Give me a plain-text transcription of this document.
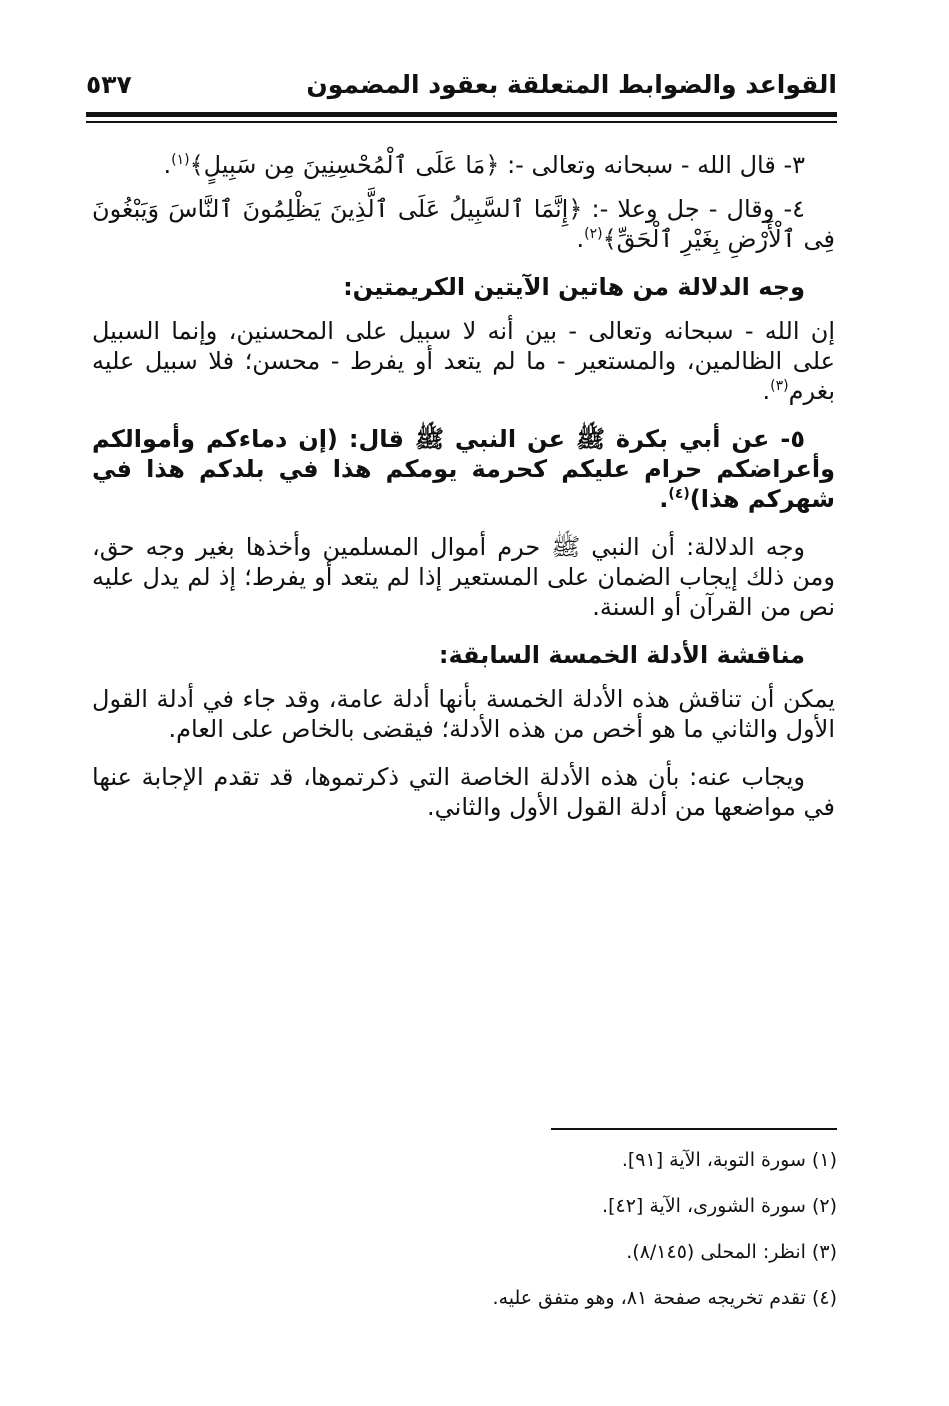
القواعد والضوابط المتعلقة بعقود المضمون
٥٣٧

٣- قال الله - سبحانه وتعالى -: ﴿مَا عَلَى ٱلْمُحْسِنِينَ مِن سَبِيلٍ﴾$^{(١)}$.

٤- وقال - جل وعلا -: ﴿إِنَّمَا ٱلسَّبِيلُ عَلَى ٱلَّذِينَ يَظْلِمُونَ ٱلنَّاسَ وَيَبْغُونَ فِى ٱلْأَرْضِ بِغَيْرِ ٱلْحَقِّ﴾$^{(٢)}$.

وجه الدلالة من هاتين الآيتين الكريمتين:

إن الله - سبحانه وتعالى - بين أنه لا سبيل على المحسنين، وإنما السبيل على الظالمين، والمستعير - ما لم يتعد أو يفرط - محسن؛ فلا سبيل عليه بغرم$^{(٣)}$.

٥- عن أبي بكرة ﷺ عن النبي ﷺ قال: (إن دماءكم وأموالكم وأعراضكم حرام عليكم كحرمة يومكم هذا في بلدكم هذا في شهركم هذا)$^{(٤)}$.

وجه الدلالة: أن النبي ﷺ حرم أموال المسلمين وأخذها بغير وجه حق، ومن ذلك إيجاب الضمان على المستعير إذا لم يتعد أو يفرط؛ إذ لم يدل عليه نص من القرآن أو السنة.

مناقشة الأدلة الخمسة السابقة:

يمكن أن تناقش هذه الأدلة الخمسة بأنها أدلة عامة، وقد جاء في أدلة القول الأول والثاني ما هو أخص من هذه الأدلة؛ فيقضى بالخاص على العام.

ويجاب عنه: بأن هذه الأدلة الخاصة التي ذكرتموها، قد تقدم الإجابة عنها في مواضعها من أدلة القول الأول والثاني.

(١) سورة التوبة، الآية [٩١].
(٢) سورة الشورى، الآية [٤٢].
(٣) انظر: المحلى (٨/١٤٥).
(٤) تقدم تخريجه صفحة ٨١، وهو متفق عليه.
